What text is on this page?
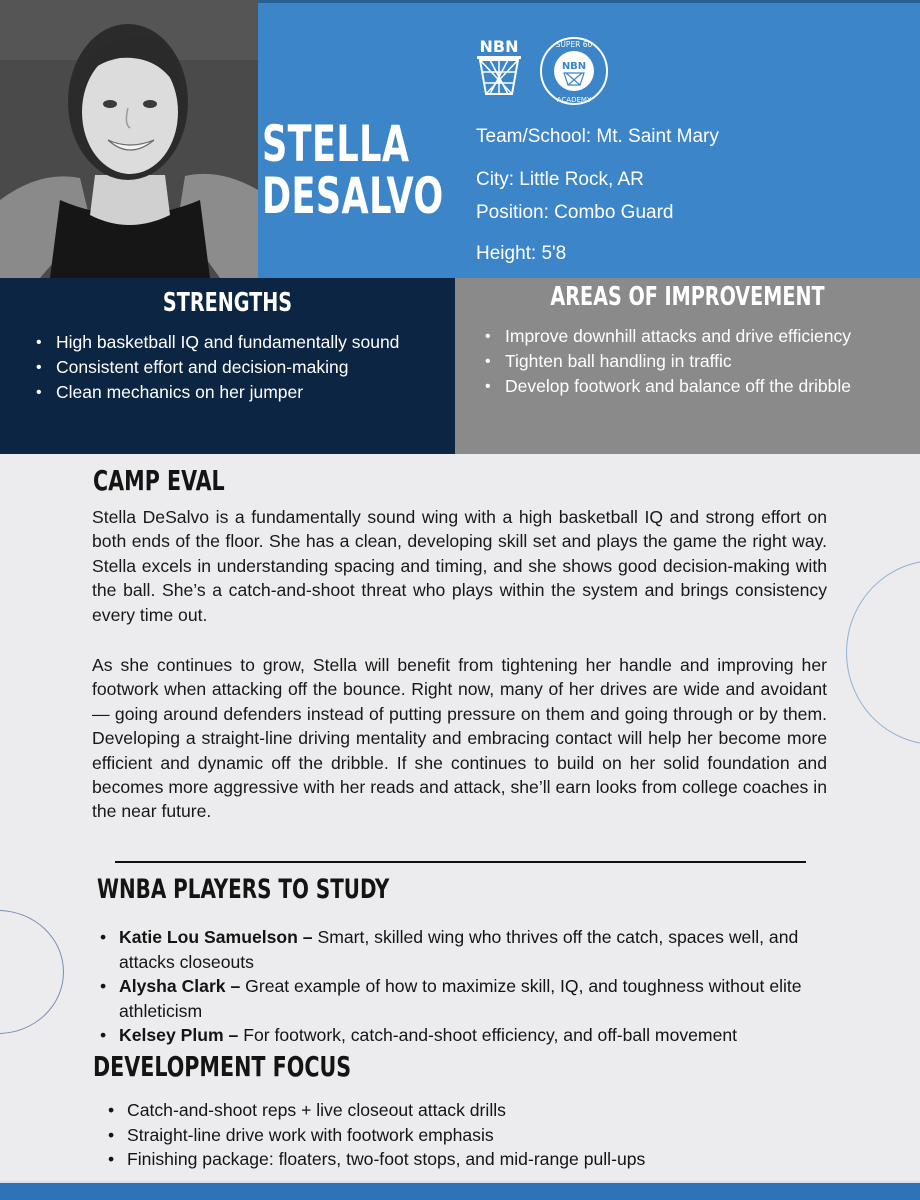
STELLA
DESALVO
NBN	SUPER 60
NBN
ACADEMY
Team/School: Mt. Saint Mary
City: Little Rock, AR
Position: Combo Guard
Height: 5'8
STRENGTHS
• High basketball IQ and fundamentally sound
• Consistent effort and decision-making
• Clean mechanics on her jumper
AREAS OF IMPROVEMENT
• Improve downhill attacks and drive efficiency
• Tighten ball handling in traffic
• Develop footwork and balance off the dribble
CAMP EVAL

Stella DeSalvo is a fundamentally sound wing with a high basketball IQ and strong effort on both ends of the floor. She has a clean, developing skill set and plays the game the right way. Stella excels in understanding spacing and timing, and she shows good decision-making with the ball. She’s a catch-and-shoot threat who plays within the system and brings consistency every time out.

As she continues to grow, Stella will benefit from tightening her handle and improving her footwork when attacking off the bounce. Right now, many of her drives are wide and avoidant — going around defenders instead of putting pressure on them and going through or by them. Developing a straight-line driving mentality and embracing contact will help her become more efficient and dynamic off the dribble. If she continues to build on her solid foundation and becomes more aggressive with her reads and attack, she’ll earn looks from college coaches in the near future.

WNBA PLAYERS TO STUDY
• Katie Lou Samuelson – Smart, skilled wing who thrives off the catch, spaces well, and attacks closeouts
• Alysha Clark – Great example of how to maximize skill, IQ, and toughness without elite athleticism
• Kelsey Plum – For footwork, catch-and-shoot efficiency, and off-ball movement
DEVELOPMENT FOCUS
• Catch-and-shoot reps + live closeout attack drills
• Straight-line drive work with footwork emphasis
• Finishing package: floaters, two-foot stops, and mid-range pull-ups
